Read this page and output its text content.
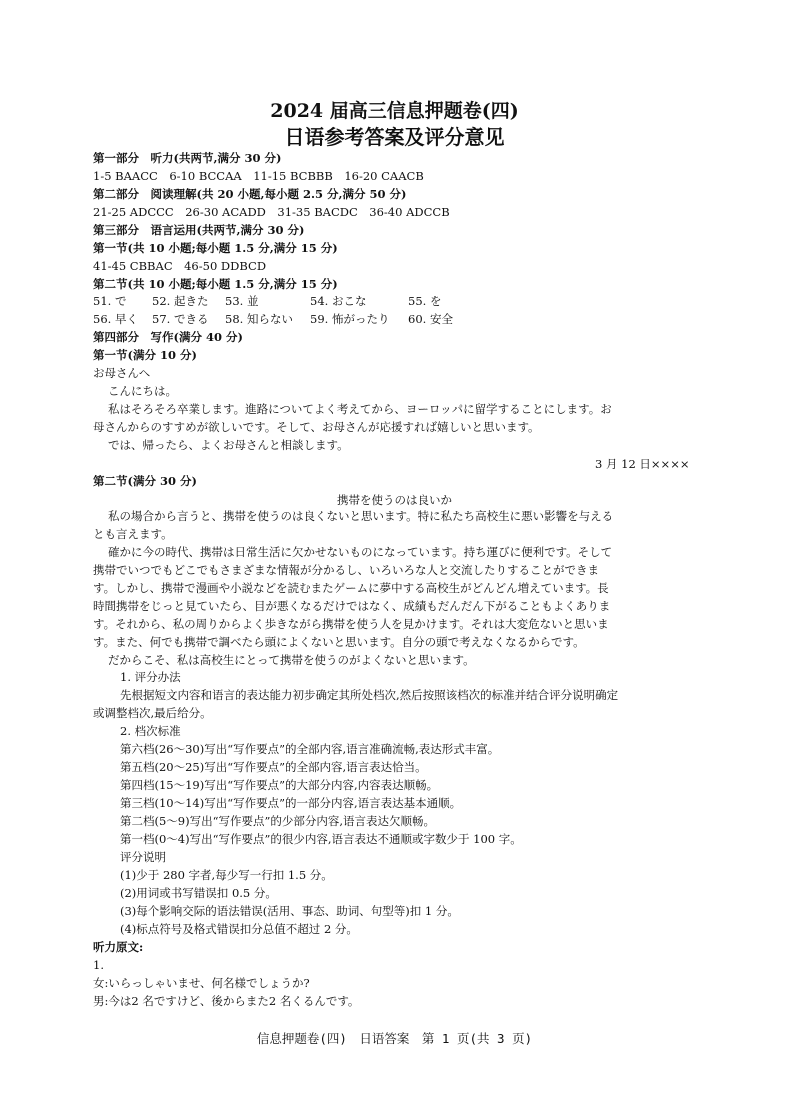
2024 届高三信息押题卷(四)
日语参考答案及评分意见
第一部分　听力(共两节,满分 30 分)
1-5 BAACC　6-10 BCCAA　11-15 BCBBB　16-20 CAACB
第二部分　阅读理解(共 20 小题,每小题 2.5 分,满分 50 分)
21-25 ADCCC　26-30 ACADD　31-35 BACDC　36-40 ADCCB
第三部分　语言运用(共两节,满分 30 分)
第一节(共 10 小题;每小题 1.5 分,满分 15 分)
41-45 CBBAC　46-50 DDBCD
第二节(共 10 小题;每小题 1.5 分,满分 15 分)
51. で 52. 起きた 53. 並	54. おこな	55. を
56. 早く 57. できる 58. 知らない 59. 怖がったり 60. 安全
第四部分　写作(满分 40 分)
第一节(满分 10 分)
お母さんへ
こんにちは。
私はそろそろ卒業します。進路についてよく考えてから、ヨーロッパに留学することにします。お
母さんからのすすめが欲しいです。そして、お母さんが応援すれば嬉しいと思います。
では、帰ったら、よくお母さんと相談します。
3 月 12 日××××
第二节(满分 30 分)
携帯を使うのは良いか
私の場合から言うと、携帯を使うのは良くないと思います。特に私たち高校生に悪い影響を与える
とも言えます。
確かに今の時代、携帯は日常生活に欠かせないものになっています。持ち運びに便利です。そして
携帯でいつでもどこでもさまざまな情報が分かるし、いろいろな人と交流したりすることができま
す。しかし、携帯で漫画や小説などを読むまたゲームに夢中する高校生がどんどん増えています。長
時間携帯をじっと見ていたら、目が悪くなるだけではなく、成績もだんだん下がることもよくありま
す。それから、私の周りからよく歩きながら携帯を使う人を見かけます。それは大変危ないと思いま
す。また、何でも携帯で調べたら頭によくないと思います。自分の頭で考えなくなるからです。
だからこそ、私は高校生にとって携帯を使うのがよくないと思います。
1. 评分办法
先根据短文内容和语言的表达能力初步确定其所处档次,然后按照该档次的标准并结合评分说明确定
或调整档次,最后给分。
2. 档次标准
第六档(26～30)写出“写作要点”的全部内容,语言准确流畅,表达形式丰富。
第五档(20～25)写出“写作要点”的全部内容,语言表达恰当。
第四档(15～19)写出“写作要点”的大部分内容,内容表达顺畅。
第三档(10～14)写出“写作要点”的一部分内容,语言表达基本通顺。
第二档(5～9)写出“写作要点”的少部分内容,语言表达欠顺畅。
第一档(0～4)写出“写作要点”的很少内容,语言表达不通顺或字数少于 100 字。
评分说明
(1)少于 280 字者,每少写一行扣 1.5 分。
(2)用词或书写错误扣 0.5 分。
(3)每个影响交际的语法错误(活用、事态、助词、句型等)扣 1 分。
(4)标点符号及格式错误扣分总值不超过 2 分。
听力原文:
1.
女:いらっしゃいませ、何名様でしょうか?
男:今は2 名ですけど、後からまた2 名くるんです。
信息押题卷(四)　日语答案　第 1 页(共 3 页)
